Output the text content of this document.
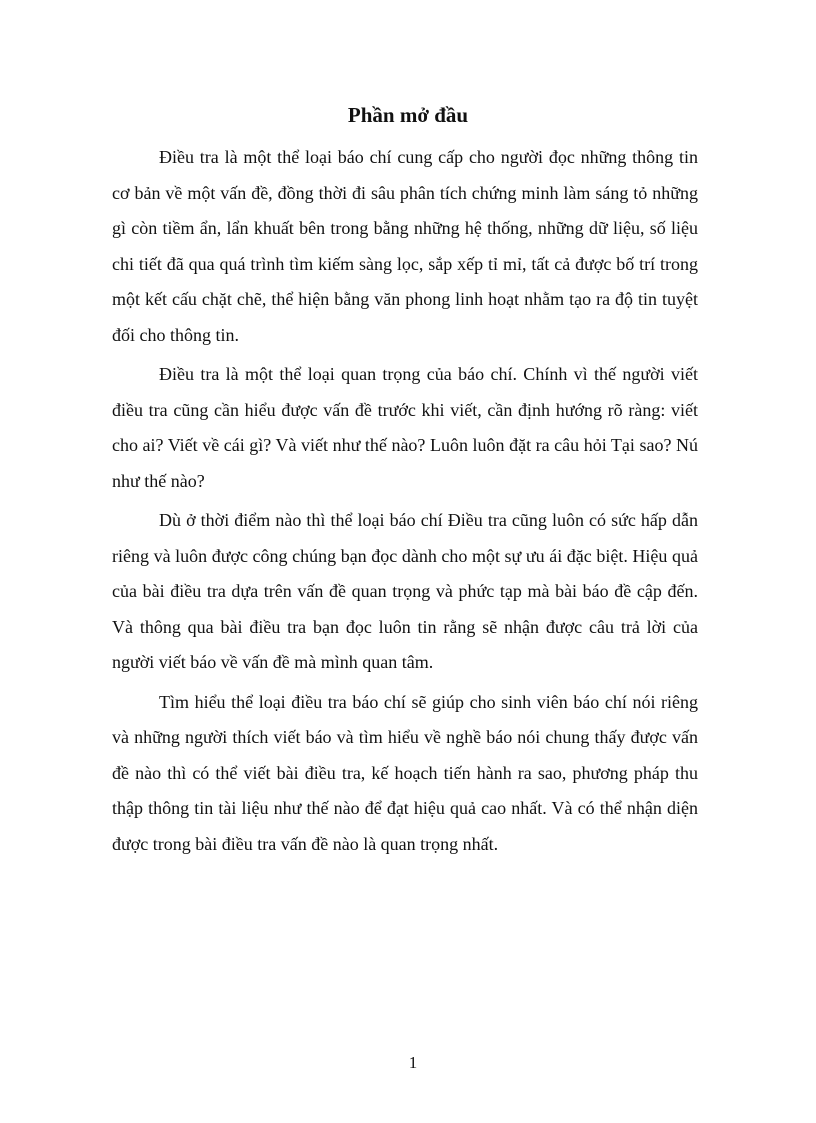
Phần mở đầu

Điều tra là một thể loại báo chí cung cấp cho người đọc những thông tin cơ bản về một vấn đề, đồng thời đi sâu phân tích chứng minh làm sáng tỏ những gì còn tiềm ẩn, lẩn khuất bên trong bằng những hệ thống, những dữ liệu, số liệu chi tiết đã qua quá trình tìm kiếm sàng lọc, sắp xếp tỉ mỉ, tất cả được bố trí trong một kết cấu chặt chẽ, thể hiện bằng văn phong linh hoạt nhằm tạo ra độ tin tuyệt đối cho thông tin.

Điều tra là một thể loại quan trọng của báo chí. Chính vì thế người viết điều tra cũng cần hiểu được vấn đề trước khi viết, cần định hướng rõ ràng: viết cho ai? Viết về cái gì? Và viết như thế nào? Luôn luôn đặt ra câu hỏi Tại sao? Nú như thế nào?

Dù ở thời điểm nào thì thể loại báo chí Điều tra cũng luôn có sức hấp dẫn riêng và luôn được công chúng bạn đọc dành cho một sự ưu ái đặc biệt. Hiệu quả của bài điều tra dựa trên vấn đề quan trọng và phức tạp mà bài báo đề cập đến. Và thông qua bài điều tra bạn đọc luôn tin rằng sẽ nhận được câu trả lời của người viết báo về vấn đề mà mình quan tâm.

Tìm hiểu thể loại điều tra báo chí sẽ giúp cho sinh viên báo chí nói riêng và những người thích viết báo và tìm hiểu về nghề báo nói chung thấy được vấn đề nào thì có thể viết bài điều tra, kế hoạch tiến hành ra sao, phương pháp thu thập thông tin tài liệu như thế nào để đạt hiệu quả cao nhất. Và có thể nhận diện được trong bài điều tra vấn đề nào là quan trọng nhất.

1
